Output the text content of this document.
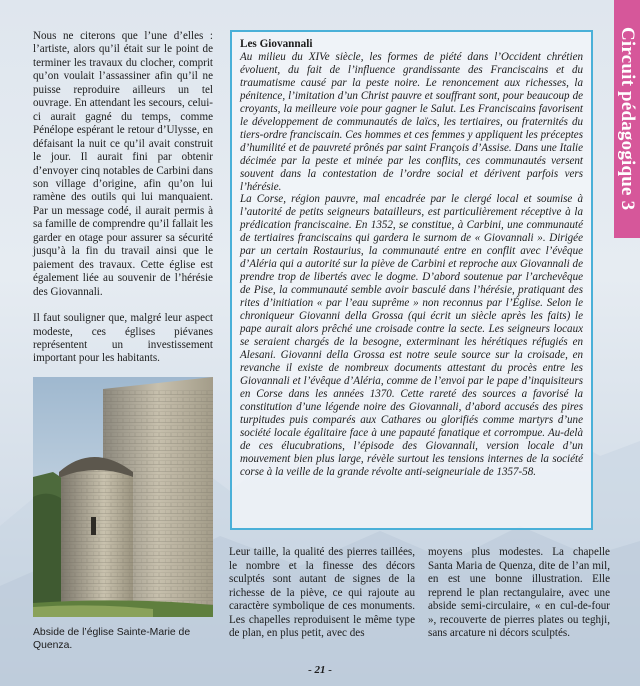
Nous ne citerons que l’une d’elles : l’artiste, alors qu’il était sur le point de terminer les travaux du clocher, comprit qu’on voulait l’assassiner afin qu’il ne puisse reproduire ailleurs un tel ouvrage. En attendant les secours, celui-ci aurait gagné du temps, comme Pénélope espérant le retour d’Ulysse, en défaisant la nuit ce qu’il avait construit le jour. Il aurait fini par obtenir d’envoyer cinq notables de Carbini dans son village d’origine, afin qu’on lui ramène des outils qui lui manquaient. Par un message codé, il aurait permis à sa famille de comprendre qu’il fallait les garder en otage pour assurer sa sécurité jusqu’à la fin du travail ainsi que le paiement des travaux. Cette église est également liée au souvenir de l’hérésie des Giovannali.

Il faut souligner que, malgré leur aspect modeste, ces églises piévanes représentent un investissement important pour les habitants.

Les Giovannali

Au milieu du XIVe siècle, les formes de piété dans l’Occident chrétien évoluent, du fait de l’influence grandissante des Franciscains et du traumatisme causé par la peste noire. Le renoncement aux richesses, la pénitence, l’imitation d’un Christ pauvre et souffrant sont, pour beaucoup de croyants, la meilleure voie pour gagner le Salut. Les Franciscains favorisent le développement de communautés de laïcs, les tertiaires, ou fraternités du tiers-ordre franciscain. Ces hommes et ces femmes y appliquent les préceptes d’humilité et de pauvreté prônés par saint François d’Assise. Dans une Italie décimée par la peste et minée par les conflits, ces communautés versent souvent dans la contestation de l’ordre social et dérivent parfois vers l’hérésie.

La Corse, région pauvre, mal encadrée par le clergé local et soumise à l’autorité de petits seigneurs batailleurs, est particulièrement réceptive à la prédication franciscaine. En 1352, se constitue, à Carbini, une communauté de tertiaires franciscains qui gardera le surnom de « Giovannali ». Dirigée par un certain Rostaurius, la communauté entre en conflit avec l’évêque d’Aléria qui a autorité sur la piève de Carbini et reproche aux Giovannali de prendre trop de libertés avec le dogme. D’abord soutenue par l’archevêque de Pise, la communauté semble avoir basculé dans l’hérésie, pratiquant des rites d’initiation « par l’eau suprême » non reconnus par l’Église. Selon le chroniqueur Giovanni della Grossa (qui écrit un siècle après les faits) le pape aurait alors prêché une croisade contre la secte. Les seigneurs locaux se seraient chargés de la besogne, exterminant les hérétiques réfugiés en Alesani. Giovanni della Grossa est notre seule source sur la croisade, en revanche il existe de nombreux documents attestant du procès entre les Giovannali et l’évêque d’Aléria, comme de l’envoi par le pape d’inquisiteurs en Corse dans les années 1370. Cette rareté des sources a favorisé la constitution d’une légende noire des Giovannali, d’abord accusés des pires turpitudes puis comparés aux Cathares ou glorifiés comme martyrs d’une société locale égalitaire face à une papauté fanatique et corrompue. Au-delà de ces élucubrations, l’épisode des Giovannali, version locale d’un mouvement bien plus large, révèle surtout les tensions internes de la société corse à la veille de la grande révolte anti-seigneuriale de 1357-58.

Circuit pédagogique 3
Abside de l’église Sainte-Marie de Quenza.

Leur taille, la qualité des pierres taillées, le nombre et la finesse des décors sculptés sont autant de signes de la richesse de la piève, ce qui rajoute au caractère symbolique de ces monuments. Les chapelles reproduisent le même type de plan, en plus petit, avec des

moyens plus modestes. La chapelle Santa Maria de Quenza, dite de l’an mil, en est une bonne illustration. Elle reprend le plan rectangulaire, avec une abside semi-circulaire, « en cul-de-four », recouverte de pierres plates ou teghji, sans arcature ni décors sculptés.

- 21 -
